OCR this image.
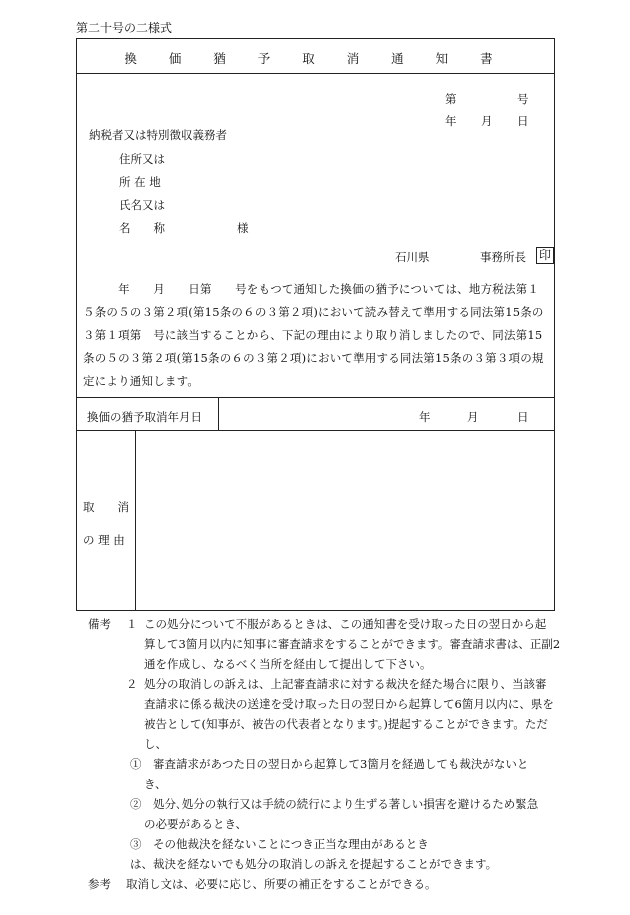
第二十号の二様式
換 価 猶 予 取 消 通 知 書
第	号
年 月 日
納税者又は特別徴収義務者
住所又は
所 在 地
氏名又は
名　　称	様
石川県	事務所長 印
　　　年　　月　　日第　　号をもつて通知した換価の猶予については、地方税法第１
５条の５の３第２項(第15条の６の３第２項)において読み替えて準用する同法第15条の
３第１項第　号に該当することから、下記の理由により取り消しましたので、同法第15
条の５の３第２項(第15条の６の３第２項)において準用する同法第15条の３第３項の規
定により通知します。
換価の猶予取消年月日	年	月	日
取　　消
の 理 由
備考 １ この処分について不服があるときは、この通知書を受け取った日の翌日から起
算して3箇月以内に知事に審査請求をすることができます。審査請求書は、正副2
通を作成し、なるべく当所を経由して提出して下さい。
２ 処分の取消しの訴えは、上記審査請求に対する裁決を経た場合に限り、当該審
査請求に係る裁決の送達を受け取った日の翌日から起算して6箇月以内に、県を
被告として(知事が、被告の代表者となります。)提起することができます。ただ
し、
①　審査請求があつた日の翌日から起算して3箇月を経過しても裁決がないと
き、
②　処分､処分の執行又は手続の続行により生ずる著しい損害を避けるため緊急
の必要があるとき、
③　その他裁決を経ないことにつき正当な理由があるとき
は、裁決を経ないでも処分の取消しの訴えを提起することができます。
参考 取消し文は、必要に応じ、所要の補正をすることができる。
